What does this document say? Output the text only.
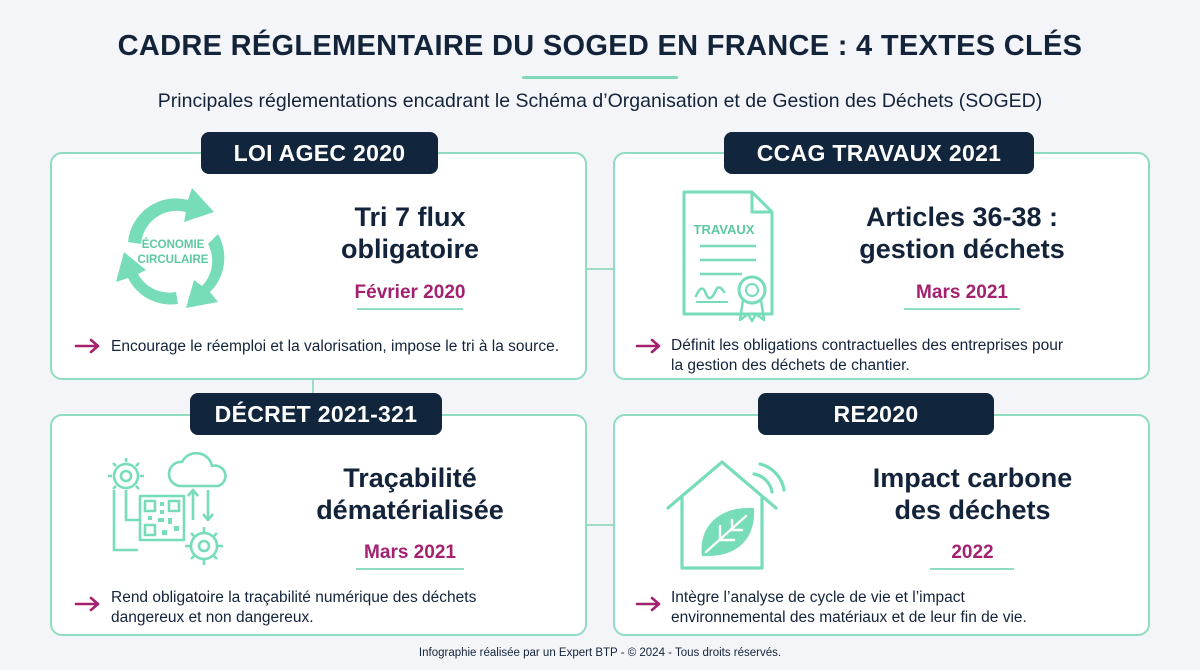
CADRE RÉGLEMENTAIRE DU SOGED EN FRANCE : 4 TEXTES CLÉS
Principales réglementations encadrant le Schéma d’Organisation et de Gestion des Déchets (SOGED)
LOI AGEC 2020
ÉCONOMIE
CIRCULAIRE
Tri 7 flux
obligatoire
Février 2020
Encourage le réemploi et la valorisation, impose le tri à la source.
CCAG TRAVAUX 2021
TRAVAUX	Articles 36-38 :
gestion déchets
Mars 2021
Définit les obligations contractuelles des entreprises pour
la gestion des déchets de chantier.
DÉCRET 2021-321
Traçabilité
dématérialisée
Mars 2021
Rend obligatoire la traçabilité numérique des déchets
dangereux et non dangereux.
RE2020
Impact carbone
des déchets
2022
Intègre l’analyse de cycle de vie et l’impact
environnemental des matériaux et de leur fin de vie.
Infographie réalisée par un Expert BTP - © 2024 - Tous droits réservés.
